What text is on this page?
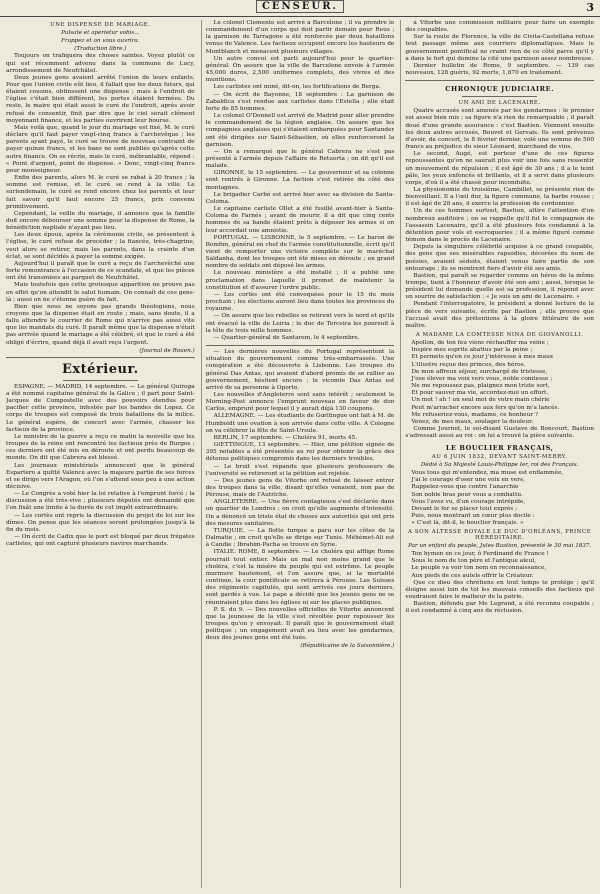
CENSEUR.	3
UNE DISPENSE DE MARIAGE.
Pulsate et aperietur vobis...
Frappez et on vous ouvrira.
(Traduction libre.)

Toujours on trafiquera des choses saintes. Voyez plutôt ce qui est récemment advenu dans la commune de Lucy, arrondissement de Neufchâtel.

Deux jeunes gens avaient arrêté l'union de leurs enfants. Pour que l'union civile eût lieu, il fallait que les deux futurs, qui étaient cousins, obtinssent une dispense ; mais à l'endroit de l'église c'était bien différent, les portes étaient fermées. Du reste, le maire qui était aussi le curé de l'endroit, après avoir refusé de consentir, finit par dire que le ciel serait clément moyennant finance, et les parties ouvrirent leur bourse.

Mais voilà que, quand le jour du mariage est fixé, M. le curé déclare qu'il faut payer vingt-cinq francs à l'archevêque ; les parents ayant payé, le curé se trouve de nouveau contraint de payer quinze francs, et les bans ne sont publiés qu'après cette autre finance. On se récrie, mais le curé, inébranlable, répond : « Point d'argent, point de dispense. » Donc, vingt-cinq francs pour monseigneur.

Enfin des parents, alors M. le curé se rabat à 20 francs ; la somme est remise, et le curé se rend à la ville. Le surlendemain, le curé se rend encore chez les parents et leur fait savoir qu'il faut encore 25 francs, prix convenu primitivement.

Cependant, la veille du mariage, il annonce que la famille doit encore débourser une somme pour la dispense de Rome, la bénédiction nuptiale n'ayant pas lieu.

Les deux époux, après la cérémonie civile, se présentent à l'église, le curé refuse de procéder ; la fiancée, très-chagrine, veut alors se retirer, mais les parents, dans la crainte d'un éclat, se sont décidés à payer la somme exigée.

Aujourd'hui il paraît que le curé a reçu de l'archevêché une forte remontrance à l'occasion de ce scandale, et que les pièces ont été transmises au parquet de Neufchâtel.

Mais toutefois que cette grotesque apparition ne prouve pas en effet qu'on attendit le salut humain. On connaît de ces gens-là ; aussi on ne s'étonne guère du fait.

Bien que nous ne soyons pas grands théologiens, nous croyons que la dispense était en route ; mais, sans doute, il a fallu attendre le courrier de Rome qui n'arrive pas aussi vite que les mandats du curé. Il paraît même que la dispense n'était pas arrivée quand le mariage a été célébré, et que le curé a été obligé d'écrire, quand déjà il avait reçu l'argent.

(Journal de Rouen.)
Extérieur.

ESPAGNE. — MADRID, 14 septembre. — Le général Quiroga a été nommé capitaine général de la Galice ; il part pour Saint-Jacques de Compostelle avec des pouvoirs étendus pour pacifier cette province, infestée par les bandes de Lopez. Ce corps de troupes est composé de trois bataillons de la milice. Le général espère, de concert avec l'armée, chasser les factieux de la province.

Le ministre de la guerre a reçu ce matin la nouvelle que les troupes de la reine ont rencontré les factieux près de Burgos ; ces derniers ont été mis en déroute et ont perdu beaucoup de monde. On dit que Cabrera est blessé.

Les journaux ministériels annoncent que le général Espartero a quitté Valence avec la majeure partie de ses forces et se dirige vers l'Aragon, où l'on s'attend sous peu à une action décisive.

— Le Congrès a voté hier la loi relative à l'emprunt forcé ; la discussion a été très-vive ; plusieurs députés ont demandé que l'on fixât une limite à la durée de cet impôt extraordinaire.

— Les cortès ont repris la discussion du projet de loi sur les dîmes. On pense que les séances seront prolongées jusqu'à la fin du mois.

— On écrit de Cadix que le port est bloqué par deux frégates carlistes, qui ont capturé plusieurs navires marchands.

Le colonel Clemente est arrivé à Barcelone ; il va prendre le commandement d'un corps qui doit partir demain pour Reus ; la garnison de Tarragone a été renforcée par deux bataillons venus de Valence. Les factieux occupent encore les hauteurs de Montblanch et menacent plusieurs villages.

Un autre convoi est parti aujourd'hui pour le quartier-général. On assure que la ville de Barcelone envoie à l'armée 45,000 duros, 2,500 uniformes complets, des vivres et des munitions.

Les carlistes ont miné, dit-on, les fortifications de Berga.

— On écrit de Bayonne, 18 septembre : La garnison de Zabaldica s'est rendue aux carlistes dans l'Estella ; elle était forte de 85 hommes.

Le colonel O'Donnell est arrivé de Madrid pour aller prendre le commandement de la légion anglaise. On assure que les compagnies anglaises qui s'étaient embarquées pour Santander ont été dirigées sur Saint-Sébastien, où elles renforceront la garnison.

— On a remarqué que le général Cabrera ne s'est pas présenté à l'armée depuis l'affaire de Retuerta ; on dit qu'il est malade.

GIRONNE, le 15 septembre. — Le gouverneur et sa colonne sont rentrés à Gironne. La faction s'est retirée du côté des montagnes.

Le brigadier Carbó est arrivé hier avec sa division de Santa-Coloma.

Le capitaine carliste Ollet a été fusillé avant-hier à Santa-Coloma de Farnés ; avant de mourir, il a dit que cinq cents hommes de sa bande étaient prêts à déposer les armes si on leur accordait une amnistie.

PORTUGAL. — LISBONNE, le 5 septembre. — Le baron de Bomfim, général en chef de l'armée constitutionnelle, écrit qu'il vient de remporter une victoire complète sur le maréchal Saldanha, dont les troupes ont été mises en déroute ; un grand nombre de soldats ont déposé les armes.

Le nouveau ministère a été installé ; il a publié une proclamation dans laquelle il promet de maintenir la constitution et d'assurer l'ordre public.

— Les cortès ont été convoquées pour le 15 du mois prochain ; les élections auront lieu dans toutes les provinces du royaume.

— On assure que les rebelles se retirent vers le nord et qu'ils ont évacué la ville de Leiria ; le duc de Terceira les poursuit à la tête de trois mille hommes.

— Quartier-général de Santarem, le 4 septembre.

— Les dernières nouvelles du Portugal représentent la situation du gouvernement comme très-embarrassée. Une conspiration a été découverte à Lisbonne. Les troupes du général Das Antas, qui avaient d'abord promis de se rallier au gouvernement, hésitent encore ; le vicomte Das Antas est arrivé de sa personne à Oporto.

Les nouvelles d'Angleterre sont sans intérêt ; seulement le Morning-Post annonce l'emprunt nouveau en faveur de don Carlos, emprunt pour lequel il y aurait déjà 130 coupons.

ALLEMAGNE. — Les étudiants de Gœttingue ont fait à M. de Humboldt une ovation à son arrivée dans cette ville. A Cologne on va célébrer la fête de Saint-Ursule.

BERLIN, 17 septembre. — Choléra 91, morts 45.

GŒTTINGUE, 13 septembre. — Hier, une pétition signée de 395 notables a été présentée au roi pour obtenir la grâce des détenus politiques compromis dans les derniers troubles.

— Le bruit s'est répandu que plusieurs professeurs de l'université se retireront si la pétition est rejetée.

— Des jeunes gens de Vitorbe ont refusé de laisser entrer des troupes dans la ville, disant qu'elles venaient, non pas de Pérouse, mais de l'Autriche.

ANGLETERRE. — Une fièvre contagieuse s'est déclarée dans un quartier de Londres ; on croit qu'elle augmente d'intensité. On a dénoncé un triste état de choses aux autorités qui ont pris des mesures sanitaires.

TURQUIE. — La flotte turque a paru sur les côtes de la Dalmatie ; on croit qu'elle se dirige sur Tunis. Méhémet-Ali est à Candie ; Ibrahim-Pacha se trouve en Syrie.

ITALIE. ROME, 8 septembre. — Le choléra qui afflige Rome pourrait tout entier. Mais un mal non moins grand que le choléra, c'est la misère du peuple qui est extrême. Le peuple murmure hautement, et l'on assure que, si la mortalité continue, la cour pontificale se retirera à Pérouse. Les Suisses des régiments capitulés, qui sont arrivés ces jours derniers, sont gardés à vue. Le pape a décidé que les jeunes gens ne se réuniraient plus dans les églises ni sur les places publiques.

P. S. du 9. — Des nouvelles officielles de Vitorbe annoncent que la jeunesse de la ville s'est révoltée pour repousser les troupes qu'on y envoyait. Il paraît que le gouvernement était politique ; un engagement avait eu lieu avec les gendarmes, deux des jeunes gens ont été tués.

(Républicaine de la Saisonnière.)

à Vitorbe une commission militaire pour faire un exemple des coupables.

Sur la route de Florence, la ville de Civita-Castellana refuse tout passage même aux courriers diplomatiques. Mais le gouvernement pontifical ne craint rien de ce côté parce qu'il y a dans le fort qui domine la cité une garnison assez nombreuse.

Dernier bulletin de Rome, 9 septembre. — 139 cas nouveaux, 128 guéris, 92 morts, 1,870 en traitement.

CHRONIQUE JUDICIAIRE.
UN AMI DE LACENAIRE.

Quatre accusés sont amenés par les gendarmes : le premier est assez bien mis ; sa figure n'a rien de remarquable ; il paraît doué d'une grande assurance : c'est Bastien. Viennent ensuite les deux autres accusés, Bouvet et Gervais. Ils sont prévenus d'avoir, de concert, le 8 février dernier, volé une somme de 500 francs au préjudice du sieur Léonard, marchand de vins.

Le second, Augé, est porteur d'une de ces figures repoussantes qu'on ne saurait plus voir une fois sans ressentir un mouvement de répulsion ; il est âgé de 30 ans ; il a le teint pâle, les yeux enfoncés et brillants, et il a servi dans plusieurs corps, d'où il a été chassé pour inconduite.

La physionomie du troisième, Cambillet, se présente rien de bienveillant. Il a l'œil dur, la figure commune, la barbe rousse ; il est âgé de 28 ans, il exerce la profession de cordonnier.

Un de ces hommes surtout, Bastion, attire l'attention d'un nombreux auditoire ; on se rappelle qu'il fut le compagnon de l'assassin Lacenaire, qu'il a été plusieurs fois condamné à la détention pour vols et escroqueries ; il a même figuré comme témoin dans le procès de Lacenaire.

Depuis la singulière célébrité acquise à ce grand coupable, des gens que ses misérables rapsodies, décorées du nom de poésies, avaient séduits, étaient venus faire partie de son entourage ; ils se montrent fiers d'avoir été ses amis.

Bastion, qui paraît se regarder comme un héros de la même trempe, tient à l'honneur d'avoir été son ami ; aussi, lorsque le président lui demande quelle est sa profession, il répond avec un sourire de satisfaction : « Je suis un ami de Lacenaire. »

Pendant l'interrogatoire, le président a donné lecture de la pièce de vers suivante, écrite par Bastion ; elle prouve que l'accusé avait des prétentions à la gloire littéraire de son maître.

A MADAME LA COMTESSE NINA DE GIOVANOLLI.

Apollon, de ton feu viens réchauffer ma veine ;

Inspire mes esprits abattus par la peine ;

Et permets qu'en ce jour j'intéresse à mes maux

L'illustre reçue des princes, des héros.

De mon affreux séjour, surchargé de tristesse,

J'ose élever ma voix vers vous, noble comtesse ;

Ne me repoussez pas, plaignez mon triste sort,

Et pour sauver ma vie, accordez-moi un effort.

Un mot ! ah ! un seul mot de votre main chérie

Peut m'arracher encore aux fers qu'on m'a lancés.

Me refuseriez-vous, madame, ce bonheur ?

Venez, de mes maux, soulager la douleur.

Comme Journet, le soi-disant Gustave de Boncourt, Bastion s'adressait aussi au roi : on lui a trouvé la pièce suivante.

LE BOUCLIER FRANÇAIS,
AU 6 JUIN 1832, DEVANT SAINT-MERRY.
Dédié à Sa Majesté Louis-Philippe Ier, roi des Français.

Vous tous qui m'entendez, ma muse est enflammée,

J'ai le courage d'oser une voix en vers,

Rappelez-vous que contre l'anarchie

Son noble bras pour vous a combattu.

Vous l'avez vu, d'un courage intrépide,

Devant le fer se placer tout exprès ;

Puis, nous montrant un cœur plus docile :

« C'est là, dit-il, le bouclier français. »

A SON ALTESSE ROYALE LE DUC D'ORLÉANS, PRINCE HÉRÉDITAIRE.
Par un enfant du peuple, Jules Bastion, présenté le 30 mai 1837.

Ton hymen en ce jour, ô Ferdinand de France !

Sous le nom de ton père et l'antique aïeul,

Le peuple va voir ton nom en reconnaissance,

Aux pieds de ces autels offrir le Créateur.

Que ce dieu des chrétiens en tout temps te protége ; qu'il éloigne aussi loin de toi les mauvais conseils des factieux qui voudraient faire le malheur de la patrie.

Bastion, défendu par Me Legrand, a été reconnu coupable ; il est condamné à cinq ans de réclusion.
